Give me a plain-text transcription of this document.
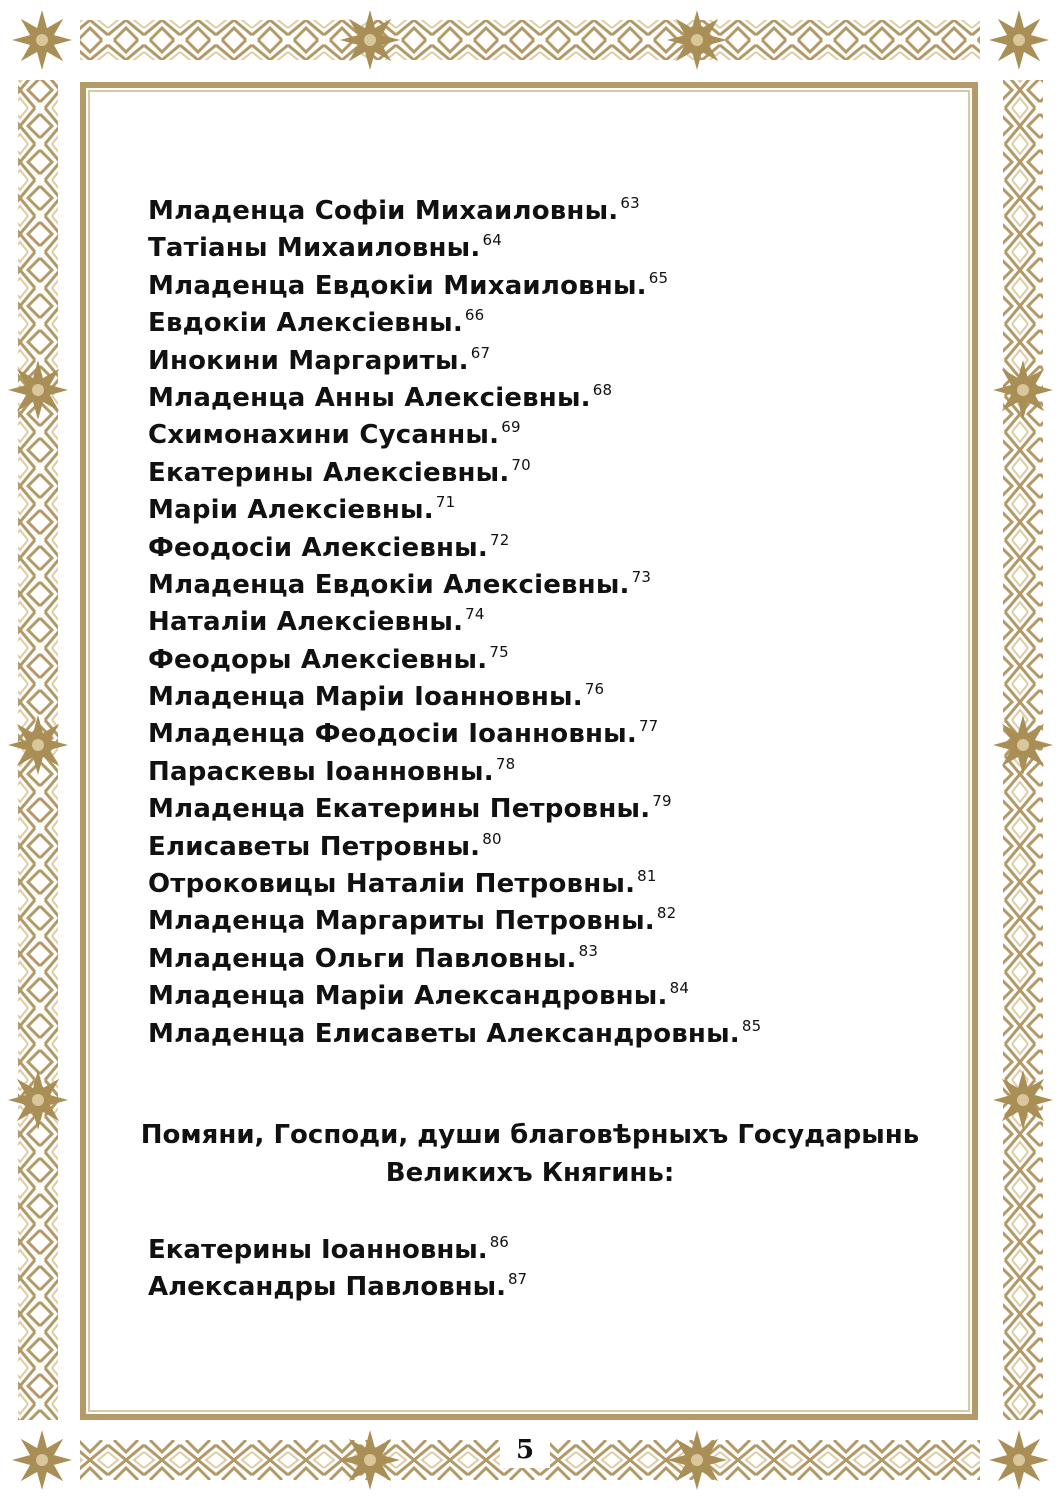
Младенца Софiи Михаиловны. $^{63}$
Татiаны Михаиловны. $^{64}$
Младенца Евдокiи Михаиловны. $^{65}$
Евдокiи Алексiевны. $^{66}$
Инокини Маргариты. $^{67}$
Младенца Анны Алексiевны. $^{68}$
Схимонахини Сусанны. $^{69}$
Екатерины Алексiевны. $^{70}$
Марiи Алексiевны. $^{71}$
Феодосiи Алексiевны. $^{72}$
Младенца Евдокiи Алексiевны. $^{73}$
Наталiи Алексiевны. $^{74}$
Феодоры Алексiевны. $^{75}$
Младенца Марiи Iоанновны. $^{76}$
Младенца Феодосiи Iоанновны. $^{77}$
Параскевы Iоанновны. $^{78}$
Младенца Екатерины Петровны. $^{79}$
Елисаветы Петровны. $^{80}$
Отроковицы Наталiи Петровны. $^{81}$
Младенца Маргариты Петровны. $^{82}$
Младенца Ольги Павловны. $^{83}$
Младенца Марiи Александровны. $^{84}$
Младенца Елисаветы Александровны. $^{85}$
Помяни, Господи, души благовѣрныхъ Государынь
Великихъ Княгинь:
Екатерины Iоанновны. $^{86}$
Александры Павловны. $^{87}$
5
